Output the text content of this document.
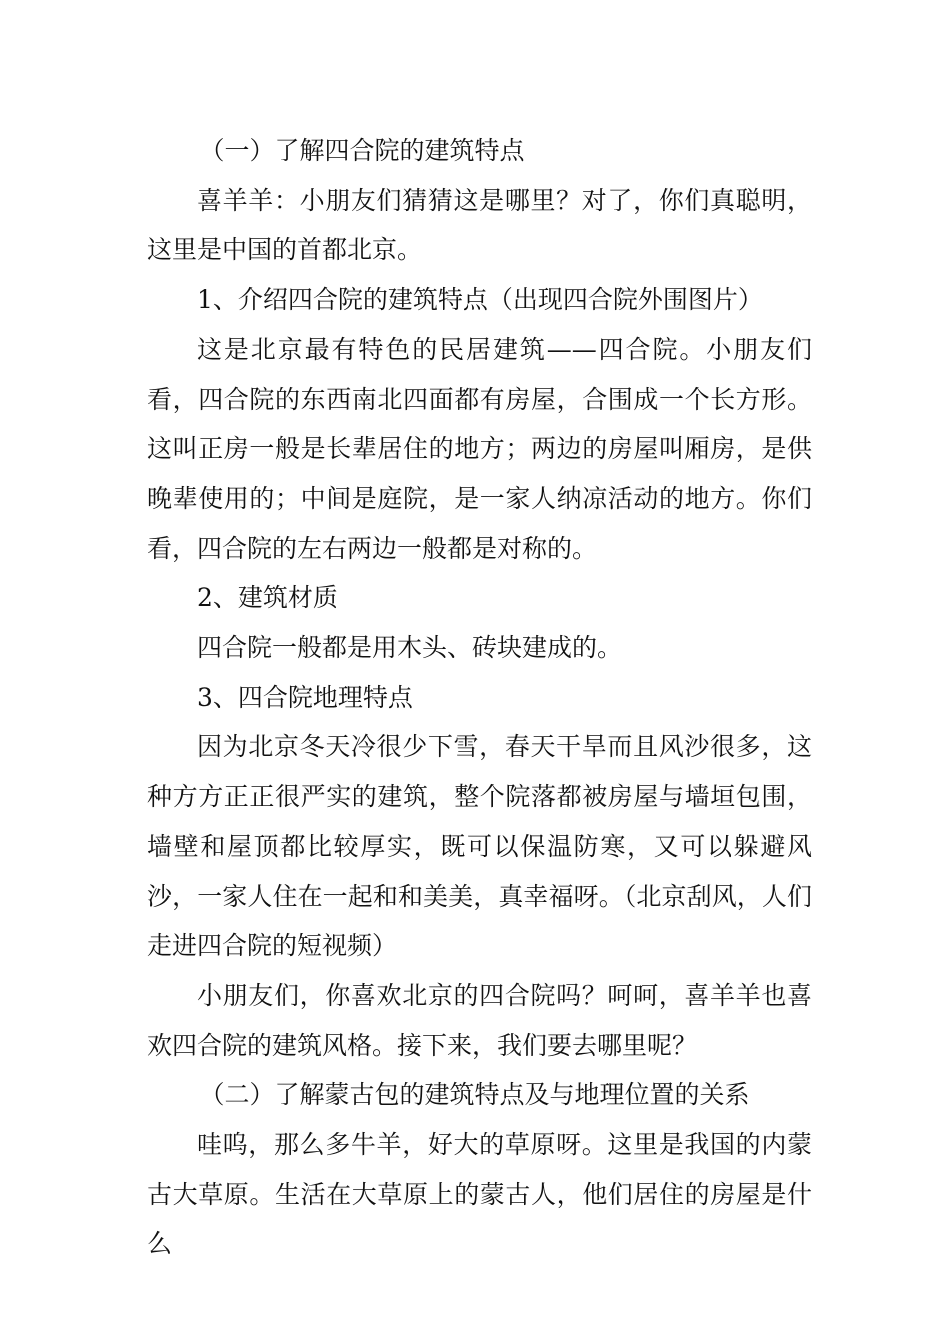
（一）了解四合院的建筑特点

喜羊羊：小朋友们猜猜这是哪里？对了，你们真聪明，这里是中国的首都北京。

1、介绍四合院的建筑特点（出现四合院外围图片）

这是北京最有特色的民居建筑——四合院。小朋友们看，四合院的东西南北四面都有房屋，合围成一个长方形。这叫正房一般是长辈居住的地方；两边的房屋叫厢房，是供晚辈使用的；中间是庭院，是一家人纳凉活动的地方。你们看，四合院的左右两边一般都是对称的。

2、建筑材质

四合院一般都是用木头、砖块建成的。

3、四合院地理特点

因为北京冬天冷很少下雪，春天干旱而且风沙很多，这种方方正正很严实的建筑，整个院落都被房屋与墙垣包围，墙壁和屋顶都比较厚实，既可以保温防寒，又可以躲避风沙，一家人住在一起和和美美，真幸福呀。（北京刮风，人们走进四合院的短视频）

小朋友们，你喜欢北京的四合院吗？呵呵，喜羊羊也喜欢四合院的建筑风格。接下来，我们要去哪里呢？

（二）了解蒙古包的建筑特点及与地理位置的关系

哇呜，那么多牛羊，好大的草原呀。这里是我国的内蒙古大草原。生活在大草原上的蒙古人，他们居住的房屋是什么
